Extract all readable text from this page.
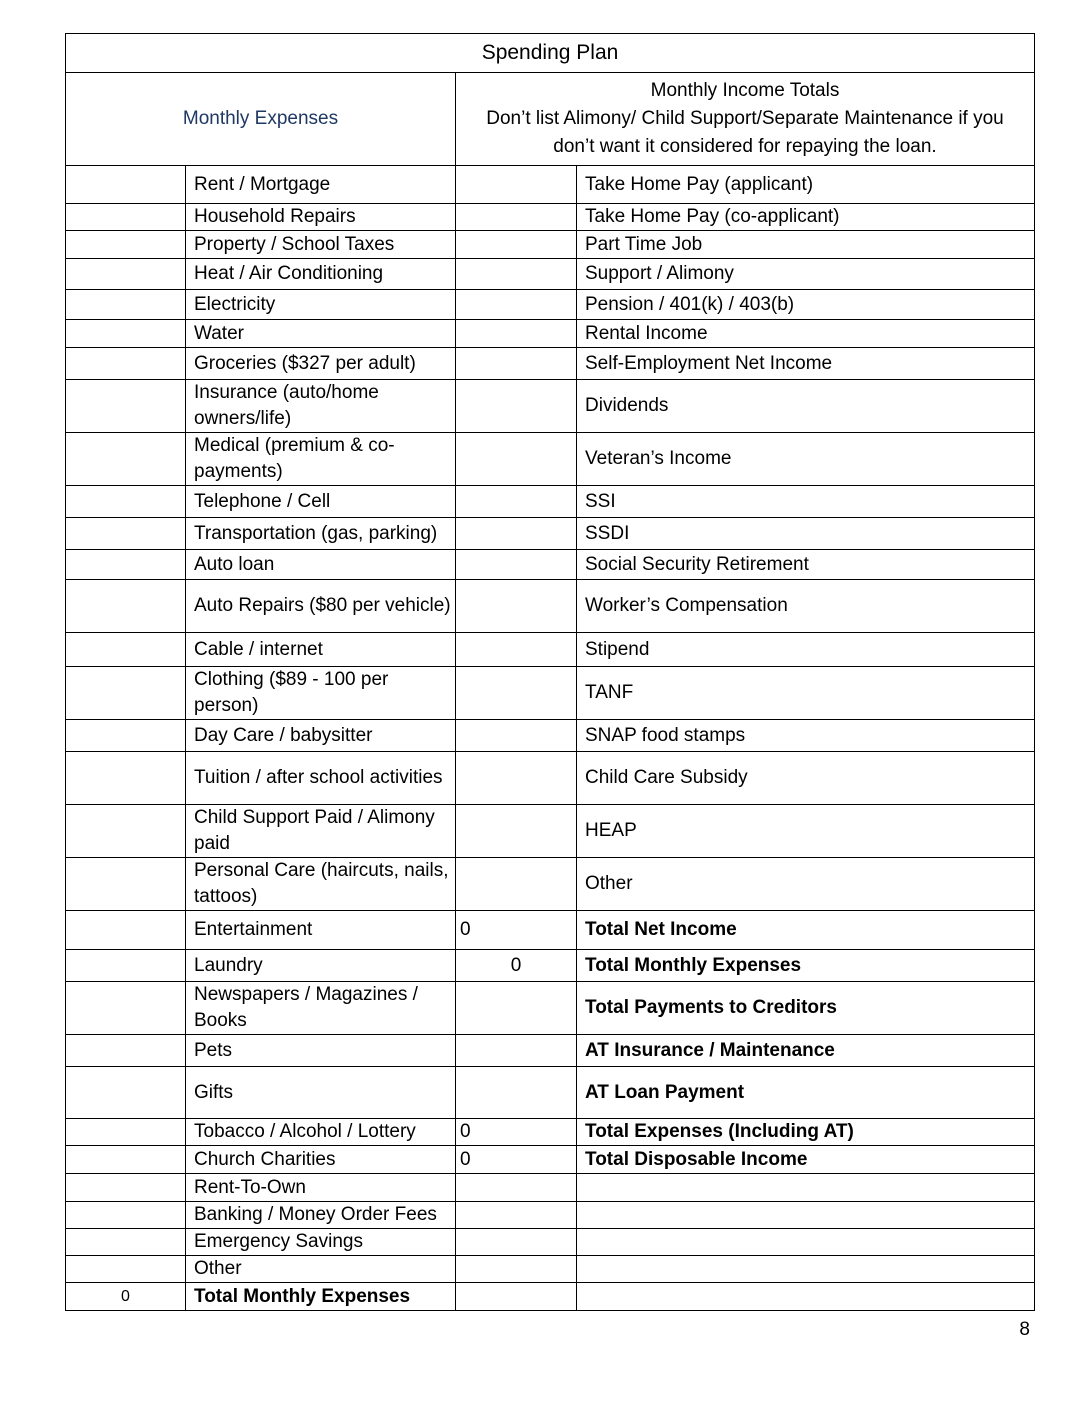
Spending Plan			
Monthly Expenses		Monthly Income Totals
Don’t list Alimony/ Child Support/Separate Maintenance if you
don’t want it considered for repaying the loan.	

	Rent / Mortgage		Take Home Pay (applicant)
	Household Repairs		Take Home Pay (co-applicant)
	Property / School Taxes		Part Time Job
	Heat / Air Conditioning		Support / Alimony
	Electricity		Pension / 401(k) / 403(b)
	Water		Rental Income
	Groceries ($327 per adult)		Self-Employment Net Income
	Insurance (auto/home owners/life)		Dividends
	Medical (premium & co-payments)		Veteran’s Income
	Telephone / Cell		SSI
	Transportation (gas, parking)		SSDI
	Auto loan		Social Security Retirement
	Auto Repairs ($80 per vehicle)		Worker’s Compensation
	Cable / internet		Stipend
	Clothing ($89 - 100 per person)		TANF
	Day Care / babysitter		SNAP food stamps
	Tuition / after school activities		Child Care Subsidy
	Child Support Paid / Alimony paid		HEAP
	Personal Care (haircuts, nails, tattoos)		Other
	Entertainment	0	Total Net Income
	Laundry	0	Total Monthly Expenses
	Newspapers / Magazines / Books		Total Payments to Creditors
	Pets		AT Insurance / Maintenance
	Gifts		AT Loan Payment
	Tobacco / Alcohol / Lottery	0	Total Expenses (Including AT)
	Church Charities	0	Total Disposable Income
	Rent-To-Own		
	Banking / Money Order Fees		
	Emergency Savings		
	Other		
0	Total Monthly Expenses		
8
